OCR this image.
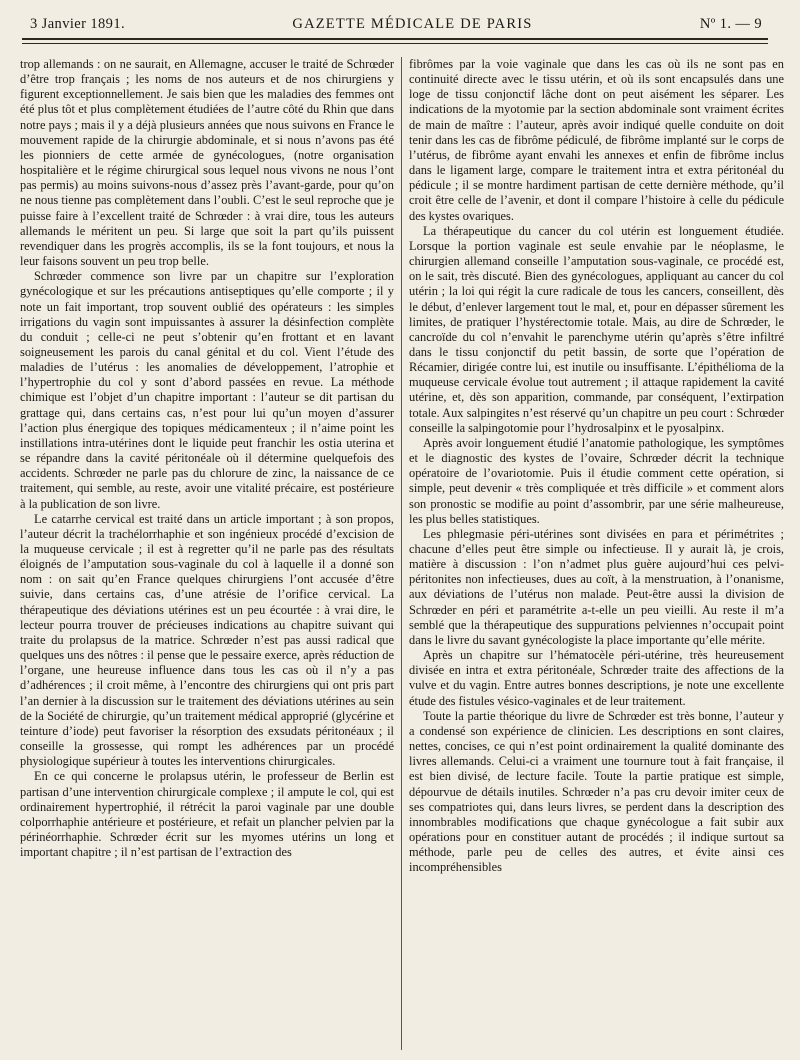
3 Janvier 1891.	GAZETTE MÉDICALE DE PARIS	Nº 1. — 9

trop allemands : on ne saurait, en Allemagne, accuser le traité de Schrœder d’être trop français ; les noms de nos auteurs et de nos chirurgiens y figurent exceptionnellement. Je sais bien que les maladies des femmes ont été plus tôt et plus complètement étudiées de l’autre côté du Rhin que dans notre pays ; mais il y a déjà plusieurs années que nous suivons en France le mouvement rapide de la chirurgie abdominale, et si nous n’avons pas été les pionniers de cette armée de gynécologues, (notre organisation hospitalière et le régime chirurgical sous lequel nous vivons ne nous l’ont pas permis) au moins suivons-nous d’assez près l’avant-garde, pour qu’on ne nous tienne pas complètement dans l’oubli. C’est le seul reproche que je puisse faire à l’excellent traité de Schrœder : à vrai dire, tous les auteurs allemands le méritent un peu. Si large que soit la part qu’ils puissent revendiquer dans les progrès accomplis, ils se la font toujours, et nous la leur faisons souvent un peu trop belle.

Schrœder commence son livre par un chapitre sur l’exploration gynécologique et sur les précautions antiseptiques qu’elle comporte ; il y note un fait important, trop souvent oublié des opérateurs : les simples irrigations du vagin sont impuissantes à assurer la désinfection complète du conduit ; celle-ci ne peut s’obtenir qu’en frottant et en lavant soigneusement les parois du canal génital et du col. Vient l’étude des maladies de l’utérus : les anomalies de développement, l’atrophie et l’hypertrophie du col y sont d’abord passées en revue. La méthode chimique est l’objet d’un chapitre important : l’auteur se dit partisan du grattage qui, dans certains cas, n’est pour lui qu’un moyen d’assurer l’action plus énergique des topiques médicamenteux ; il n’aime point les instillations intra-utérines dont le liquide peut franchir les ostia uterina et se répandre dans la cavité péritonéale où il détermine quelquefois des accidents. Schrœder ne parle pas du chlorure de zinc, la naissance de ce traitement, qui semble, au reste, avoir une vitalité précaire, est postérieure à la publication de son livre.

Le catarrhe cervical est traité dans un article important ; à son propos, l’auteur décrit la trachélorrhaphie et son ingénieux procédé d’excision de la muqueuse cervicale ; il est à regretter qu’il ne parle pas des résultats éloignés de l’amputation sous-vaginale du col à laquelle il a donné son nom : on sait qu’en France quelques chirurgiens l’ont accusée d’être suivie, dans certains cas, d’une atrésie de l’orifice cervical. La thérapeutique des déviations utérines est un peu écourtée : à vrai dire, le lecteur pourra trouver de précieuses indications au chapitre suivant qui traite du prolapsus de la matrice. Schrœder n’est pas aussi radical que quelques uns des nôtres : il pense que le pessaire exerce, après réduction de l’organe, une heureuse influence dans tous les cas où il n’y a pas d’adhérences ; il croit même, à l’encontre des chirurgiens qui ont pris part l’an dernier à la discussion sur le traitement des déviations utérines au sein de la Société de chirurgie, qu’un traitement médical approprié (glycérine et teinture d’iode) peut favoriser la résorption des exsudats péritonéaux ; il conseille la grossesse, qui rompt les adhérences par un procédé physiologique supérieur à toutes les interventions chirurgicales.

En ce qui concerne le prolapsus utérin, le professeur de Berlin est partisan d’une intervention chirurgicale complexe ; il ampute le col, qui est ordinairement hypertrophié, il rétrécit la paroi vaginale par une double colporrhaphie antérieure et postérieure, et refait un plancher pelvien par la périnéorrhaphie. Schrœder écrit sur les myomes utérins un long et important chapitre ; il n’est partisan de l’extraction des

fibrômes par la voie vaginale que dans les cas où ils ne sont pas en continuité directe avec le tissu utérin, et où ils sont encapsulés dans une loge de tissu conjonctif lâche dont on peut aisément les séparer. Les indications de la myotomie par la section abdominale sont vraiment écrites de main de maître : l’auteur, après avoir indiqué quelle conduite on doit tenir dans les cas de fibrôme pédiculé, de fibrôme implanté sur le corps de l’utérus, de fibrôme ayant envahi les annexes et enfin de fibrôme inclus dans le ligament large, compare le traitement intra et extra péritonéal du pédicule ; il se montre hardiment partisan de cette dernière méthode, qu’il croit être celle de l’avenir, et dont il compare l’histoire à celle du pédicule des kystes ovariques.

La thérapeutique du cancer du col utérin est longuement étudiée. Lorsque la portion vaginale est seule envahie par le néoplasme, le chirurgien allemand conseille l’amputation sous-vaginale, ce procédé est, on le sait, très discuté. Bien des gynécologues, appliquant au cancer du col utérin ; la loi qui régit la cure radicale de tous les cancers, conseillent, dès le début, d’enlever largement tout le mal, et, pour en dépasser sûrement les limites, de pratiquer l’hystérectomie totale. Mais, au dire de Schrœder, le cancroïde du col n’envahit le parenchyme utérin qu’après s’être infiltré dans le tissu conjonctif du petit bassin, de sorte que l’opération de Récamier, dirigée contre lui, est inutile ou insuffisante. L’épithélioma de la muqueuse cervicale évolue tout autrement ; il attaque rapidement la cavité utérine, et, dès son apparition, commande, par conséquent, l’extirpation totale. Aux salpingites n’est réservé qu’un chapitre un peu court : Schrœder conseille la salpingotomie pour l’hydrosalpinx et le pyosalpinx.

Après avoir longuement étudié l’anatomie pathologique, les symptômes et le diagnostic des kystes de l’ovaire, Schrœder décrit la technique opératoire de l’ovariotomie. Puis il étudie comment cette opération, si simple, peut devenir « très compliquée et très difficile » et comment alors son pronostic se modifie au point d’assombrir, par une série malheureuse, les plus belles statistiques.

Les phlegmasie péri-utérines sont divisées en para et périmétrites ; chacune d’elles peut être simple ou infectieuse. Il y aurait là, je crois, matière à discussion : l’on n’admet plus guère aujourd’hui ces pelvi-péritonites non infectieuses, dues au coït, à la menstruation, à l’onanisme, aux déviations de l’utérus non malade. Peut-être aussi la division de Schrœder en péri et paramétrite a-t-elle un peu vieilli. Au reste il m’a semblé que la thérapeutique des suppurations pelviennes n’occupait point dans le livre du savant gynécologiste la place importante qu’elle mérite.

Après un chapitre sur l’hématocèle péri-utérine, très heureusement divisée en intra et extra péritonéale, Schrœder traite des affections de la vulve et du vagin. Entre autres bonnes descriptions, je note une excellente étude des fistules vésico-vaginales et de leur traitement.

Toute la partie théorique du livre de Schrœder est très bonne, l’auteur y a condensé son expérience de clinicien. Les descriptions en sont claires, nettes, concises, ce qui n’est point ordinairement la qualité dominante des livres allemands. Celui-ci a vraiment une tournure tout à fait française, il est bien divisé, de lecture facile. Toute la partie pratique est simple, dépourvue de détails inutiles. Schrœder n’a pas cru devoir imiter ceux de ses compatriotes qui, dans leurs livres, se perdent dans la description des innombrables modifications que chaque gynécologue a fait subir aux opérations pour en constituer autant de procédés ; il indique surtout sa méthode, parle peu de celles des autres, et évite ainsi ces incompréhensibles
